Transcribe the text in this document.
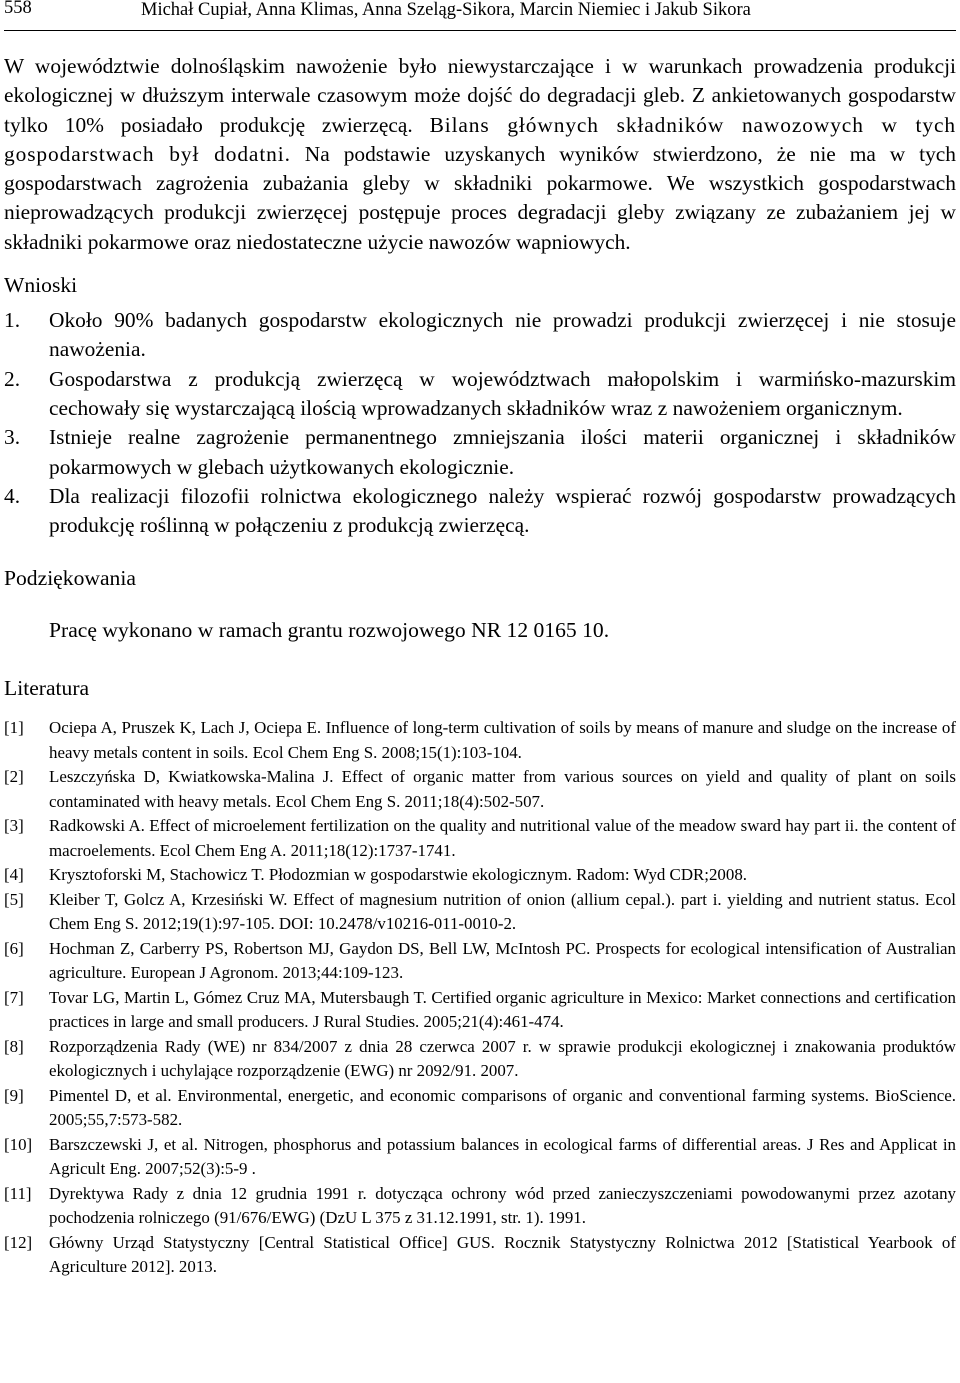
558	Michał Cupiał, Anna Klimas, Anna Szeląg-Sikora, Marcin Niemiec i Jakub Sikora

W województwie dolnośląskim nawożenie było niewystarczające i w warunkach prowadzenia produkcji ekologicznej w dłuższym interwale czasowym może dojść do degradacji gleb. Z ankietowanych gospodarstw tylko 10% posiadało produkcję zwierzęcą. Bilans głównych składników nawozowych w tych gospodarstwach był dodatni. Na podstawie uzyskanych wyników stwierdzono, że nie ma w tych gospodarstwach zagrożenia zubażania gleby w składniki pokarmowe. We wszystkich gospodarstwach nieprowadzących produkcji zwierzęcej postępuje proces degradacji gleby związany ze zubażaniem jej w składniki pokarmowe oraz niedostateczne użycie nawozów wapniowych.

Wnioski
1. Około 90% badanych gospodarstw ekologicznych nie prowadzi produkcji zwierzęcej i nie stosuje nawożenia.
2. Gospodarstwa z produkcją zwierzęcą w województwach małopolskim i warmińsko-mazurskim cechowały się wystarczającą ilością wprowadzanych składników wraz z nawożeniem organicznym.
3. Istnieje realne zagrożenie permanentnego zmniejszania ilości materii organicznej i składników pokarmowych w glebach użytkowanych ekologicznie.
4. Dla realizacji filozofii rolnictwa ekologicznego należy wspierać rozwój gospodarstw prowadzących produkcję roślinną w połączeniu z produkcją zwierzęcą.
Podziękowania
Pracę wykonano w ramach grantu rozwojowego NR 12 0165 10.
Literatura
[1] Ociepa A, Pruszek K, Lach J, Ociepa E. Influence of long-term cultivation of soils by means of manure and sludge on the increase of heavy metals content in soils. Ecol Chem Eng S. 2008;15(1):103-104.
[2] Leszczyńska D, Kwiatkowska-Malina J. Effect of organic matter from various sources on yield and quality of plant on soils contaminated with heavy metals. Ecol Chem Eng S. 2011;18(4):502-507.
[3] Radkowski A. Effect of microelement fertilization on the quality and nutritional value of the meadow sward hay part ii. the content of macroelements. Ecol Chem Eng A. 2011;18(12):1737-1741.
[4] Krysztoforski M, Stachowicz T. Płodozmian w gospodarstwie ekologicznym. Radom: Wyd CDR;2008.
[5] Kleiber T, Golcz A, Krzesiński W. Effect of magnesium nutrition of onion (allium cepal.). part i. yielding and nutrient status. Ecol Chem Eng S. 2012;19(1):97-105. DOI: 10.2478/v10216-011-0010-2.
[6] Hochman Z, Carberry PS, Robertson MJ, Gaydon DS, Bell LW, McIntosh PC. Prospects for ecological intensification of Australian agriculture. European J Agronom. 2013;44:109-123.
[7] Tovar LG, Martin L, Gómez Cruz MA, Mutersbaugh T. Certified organic agriculture in Mexico: Market connections and certification practices in large and small producers. J Rural Studies. 2005;21(4):461-474.
[8] Rozporządzenia Rady (WE) nr 834/2007 z dnia 28 czerwca 2007 r. w sprawie produkcji ekologicznej i znakowania produktów ekologicznych i uchylające rozporządzenie (EWG) nr 2092/91. 2007.
[9] Pimentel D, et al. Environmental, energetic, and economic comparisons of organic and conventional farming systems. BioScience. 2005;55,7:573-582.
[10] Barszczewski J, et al. Nitrogen, phosphorus and potassium balances in ecological farms of differential areas. J Res and Applicat in Agricult Eng. 2007;52(3):5-9 .
[11] Dyrektywa Rady z dnia 12 grudnia 1991 r. dotycząca ochrony wód przed zanieczyszczeniami powodowanymi przez azotany pochodzenia rolniczego (91/676/EWG) (DzU L 375 z 31.12.1991, str. 1). 1991.
[12] Główny Urząd Statystyczny [Central Statistical Office] GUS. Rocznik Statystyczny Rolnictwa 2012 [Statistical Yearbook of Agriculture 2012]. 2013.
